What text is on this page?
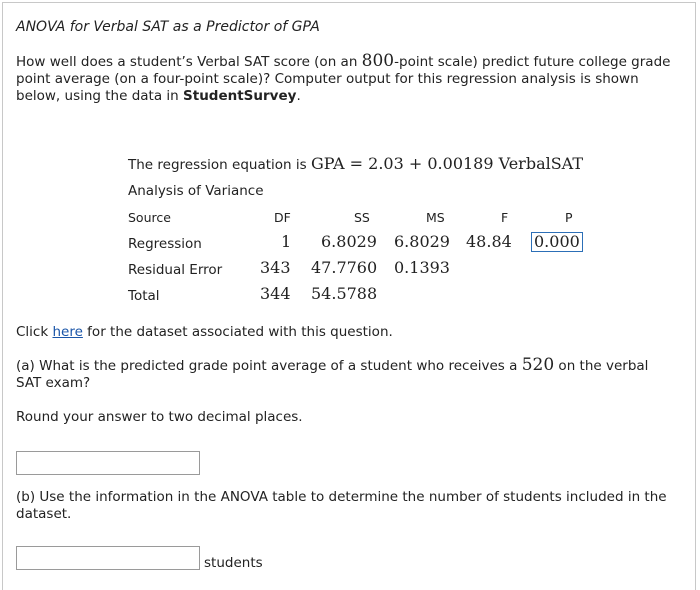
ANOVA for Verbal SAT as a Predictor of GPA
How well does a student’s Verbal SAT score (on an 800-point scale) predict future college grade point average (on a four-point scale)? Computer output for this regression analysis is shown below, using the data in StudentSurvey.
The regression equation is GPA = 2.03 + 0.00189 VerbalSAT
Analysis of Variance
Source	DF	SS	MS	F	P
Regression	1 6.8029 6.8029 48.84 0.000
Residual Error 343 47.7760 0.1393
Total	344 54.5788
Click here for the dataset associated with this question.
(a) What is the predicted grade point average of a student who receives a 520 on the verbal SAT exam?
Round your answer to two decimal places.
(b) Use the information in the ANOVA table to determine the number of students included in the dataset.
students
